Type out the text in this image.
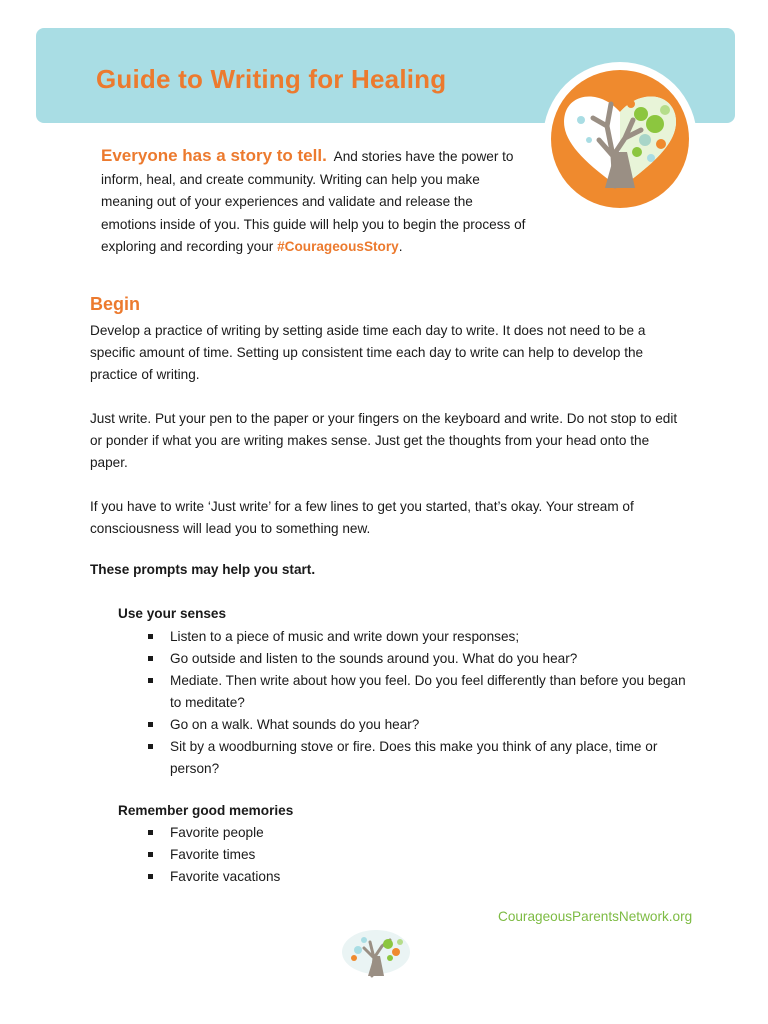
Guide to Writing for Healing

Everyone has a story to tell. And stories have the power to inform, heal, and create community. Writing can help you make meaning out of your experiences and validate and release the emotions inside of you. This guide will help you to begin the process of exploring and recording your #CourageousStory.

Begin

Develop a practice of writing by setting aside time each day to write. It does not need to be a specific amount of time. Setting up consistent time each day to write can help to develop the practice of writing.

Just write. Put your pen to the paper or your fingers on the keyboard and write. Do not stop to edit or ponder if what you are writing makes sense. Just get the thoughts from your head onto the paper.

If you have to write ‘Just write’ for a few lines to get you started, that’s okay. Your stream of consciousness will lead you to something new.

These prompts may help you start.

Use your senses

Listen to a piece of music and write down your responses;
Go outside and listen to the sounds around you. What do you hear?
Mediate. Then write about how you feel. Do you feel differently than before you began to meditate?
Go on a walk. What sounds do you hear?
Sit by a woodburning stove or fire. Does this make you think of any place, time or person?

Remember good memories

Favorite people
Favorite times
Favorite vacations

CourageousParentsNetwork.org
